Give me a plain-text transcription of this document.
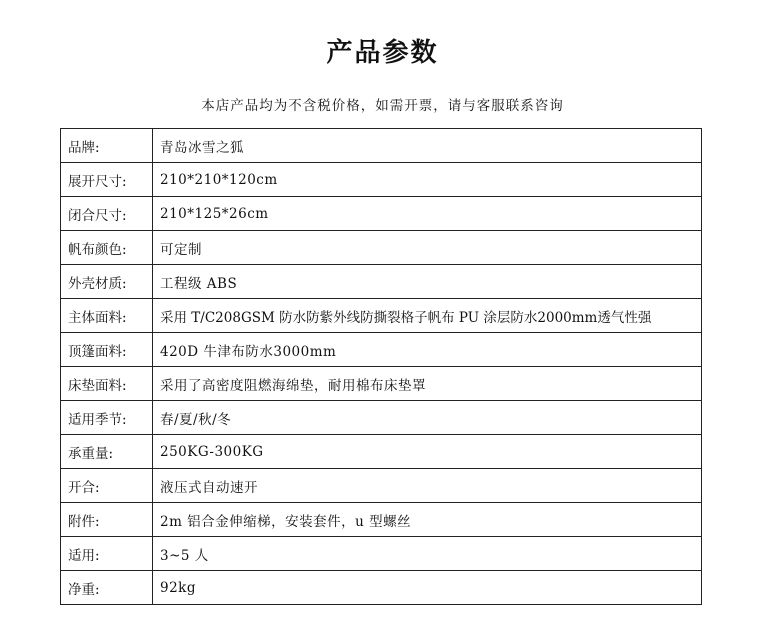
产品参数
本店产品均为不含税价格，如需开票，请与客服联系咨询
品牌:	青岛冰雪之狐
展开尺寸:	210*210*120cm
闭合尺寸:	210*125*26cm
帆布颜色:	可定制
外壳材质:	工程级 ABS
主体面料:	采用 T/C208GSM 防水防紫外线防撕裂格子帆布 PU 涂层防水2000mm透气性强
顶篷面料:	420D 牛津布防水3000mm
床垫面料:	采用了高密度阻燃海绵垫，耐用棉布床垫罩
适用季节:	春/夏/秋/冬
承重量:	250KG-300KG
开合:	液压式自动速开
附件:	2m 铝合金伸缩梯，安装套件，u 型螺丝
适用:	3~5 人
净重:	92kg
